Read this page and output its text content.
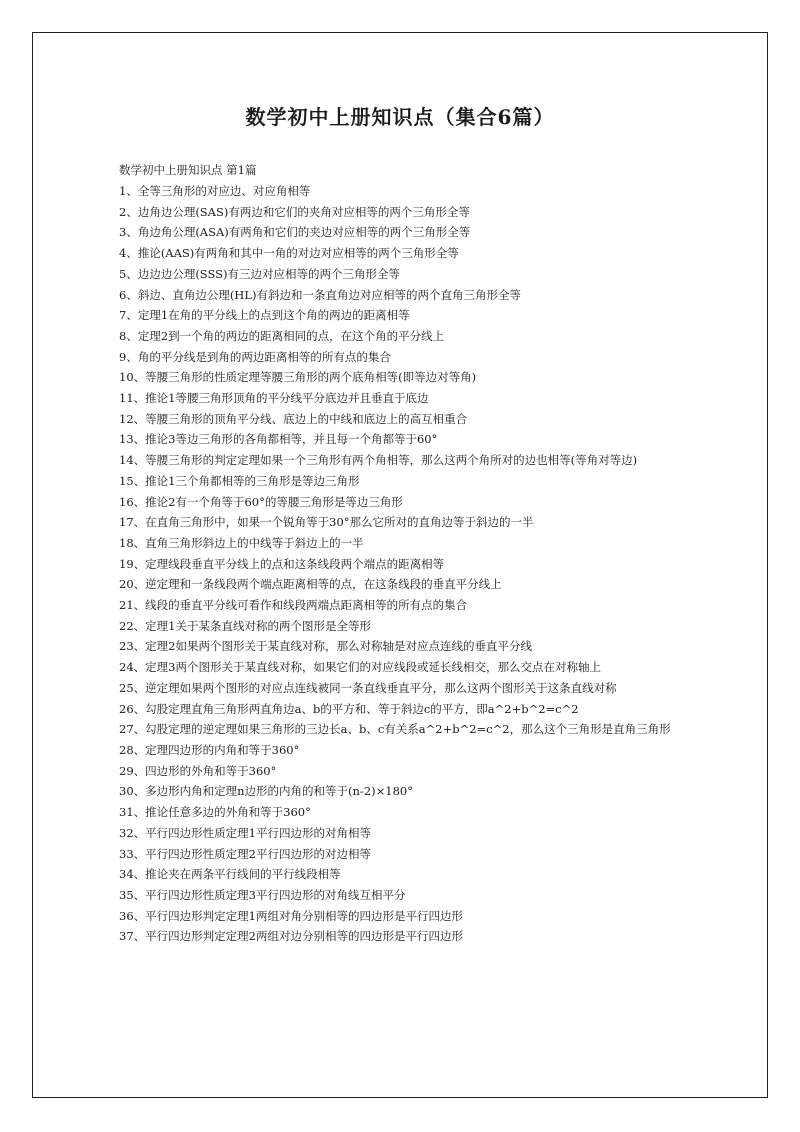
数学初中上册知识点（集合6篇）
数学初中上册知识点 第1篇
1、全等三角形的对应边、对应角相等
2、边角边公理(SAS)有两边和它们的夹角对应相等的两个三角形全等
3、角边角公理(ASA)有两角和它们的夹边对应相等的两个三角形全等
4、推论(AAS)有两角和其中一角的对边对应相等的两个三角形全等
5、边边边公理(SSS)有三边对应相等的两个三角形全等
6、斜边、直角边公理(HL)有斜边和一条直角边对应相等的两个直角三角形全等
7、定理1在角的平分线上的点到这个角的两边的距离相等
8、定理2到一个角的两边的距离相同的点，在这个角的平分线上
9、角的平分线是到角的两边距离相等的所有点的集合
10、等腰三角形的性质定理等腰三角形的两个底角相等(即等边对等角)
11、推论1等腰三角形顶角的平分线平分底边并且垂直于底边
12、等腰三角形的顶角平分线、底边上的中线和底边上的高互相重合
13、推论3等边三角形的各角都相等，并且每一个角都等于60°
14、等腰三角形的判定定理如果一个三角形有两个角相等，那么这两个角所对的边也相等(等角对等边)
15、推论1三个角都相等的三角形是等边三角形
16、推论2有一个角等于60°的等腰三角形是等边三角形
17、在直角三角形中，如果一个锐角等于30°那么它所对的直角边等于斜边的一半
18、直角三角形斜边上的中线等于斜边上的一半
19、定理线段垂直平分线上的点和这条线段两个端点的距离相等
20、逆定理和一条线段两个端点距离相等的点，在这条线段的垂直平分线上
21、线段的垂直平分线可看作和线段两端点距离相等的所有点的集合
22、定理1关于某条直线对称的两个图形是全等形
23、定理2如果两个图形关于某直线对称，那么对称轴是对应点连线的垂直平分线
24、定理3两个图形关于某直线对称，如果它们的对应线段或延长线相交，那么交点在对称轴上
25、逆定理如果两个图形的对应点连线被同一条直线垂直平分，那么这两个图形关于这条直线对称
26、勾股定理直角三角形两直角边a、b的平方和、等于斜边c的平方，即a^2+b^2=c^2
27、勾股定理的逆定理如果三角形的三边长a、b、c有关系a^2+b^2=c^2，那么这个三角形是直角三角形
28、定理四边形的内角和等于360°
29、四边形的外角和等于360°
30、多边形内角和定理n边形的内角的和等于(n-2)×180°
31、推论任意多边的外角和等于360°
32、平行四边形性质定理1平行四边形的对角相等
33、平行四边形性质定理2平行四边形的对边相等
34、推论夹在两条平行线间的平行线段相等
35、平行四边形性质定理3平行四边形的对角线互相平分
36、平行四边形判定定理1两组对角分别相等的四边形是平行四边形
37、平行四边形判定定理2两组对边分别相等的四边形是平行四边形
